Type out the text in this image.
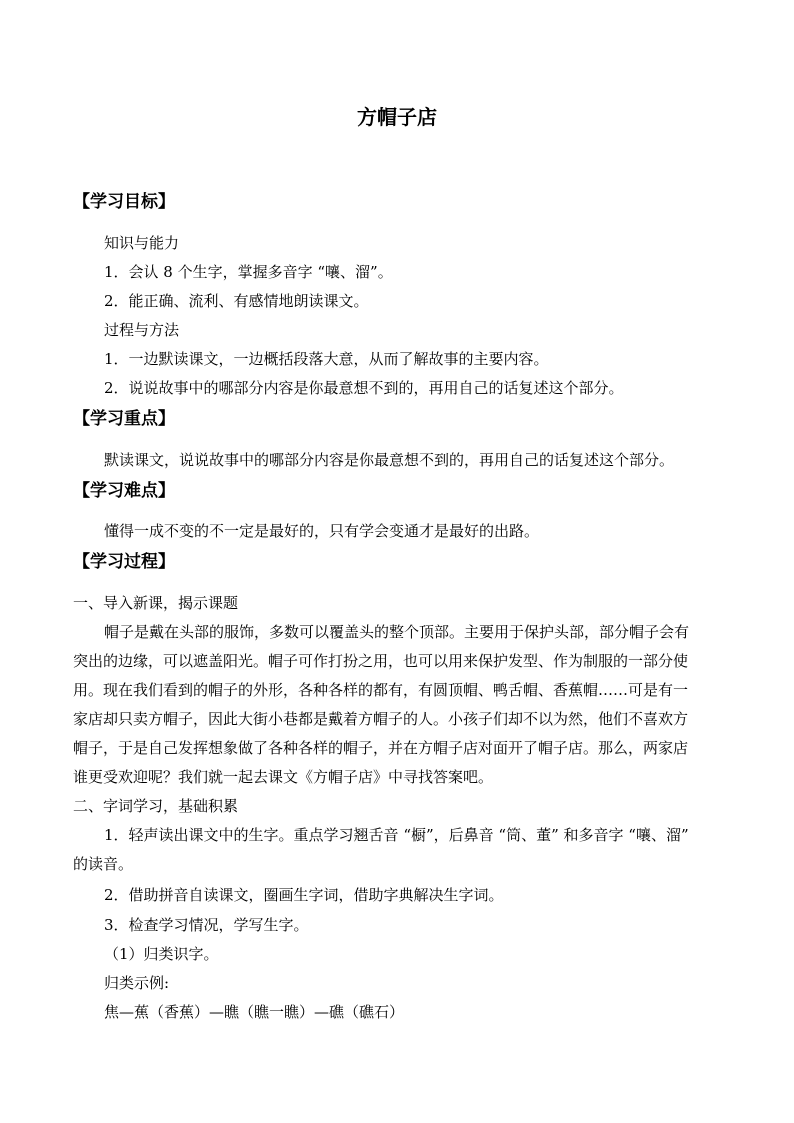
方帽子店
【学习目标】
知识与能力
1．会认 8 个生字，掌握多音字 “嚷、溜”。
2．能正确、流利、有感情地朗读课文。
过程与方法
1．一边默读课文，一边概括段落大意，从而了解故事的主要内容。
2．说说故事中的哪部分内容是你最意想不到的，再用自己的话复述这个部分。
【学习重点】
默读课文，说说故事中的哪部分内容是你最意想不到的，再用自己的话复述这个部分。
【学习难点】
懂得一成不变的不一定是最好的，只有学会变通才是最好的出路。
【学习过程】
一、导入新课，揭示课题
帽子是戴在头部的服饰，多数可以覆盖头的整个顶部。主要用于保护头部，部分帽子会有
突出的边缘，可以遮盖阳光。帽子可作打扮之用，也可以用来保护发型、作为制服的一部分使
用。现在我们看到的帽子的外形，各种各样的都有，有圆顶帽、鸭舌帽、香蕉帽……可是有一
家店却只卖方帽子，因此大街小巷都是戴着方帽子的人。小孩子们却不以为然，他们不喜欢方
帽子，于是自己发挥想象做了各种各样的帽子，并在方帽子店对面开了帽子店。那么，两家店
谁更受欢迎呢？我们就一起去课文《方帽子店》中寻找答案吧。
二、字词学习，基础积累
1．轻声读出课文中的生字。重点学习翘舌音 “橱”，后鼻音 “筒、董” 和多音字 “嚷、溜”
的读音。
2．借助拼音自读课文，圈画生字词，借助字典解决生字词。
3．检查学习情况，学写生字。
（1）归类识字。
归类示例:
焦—蕉（香蕉）—瞧（瞧一瞧）—礁（礁石）
